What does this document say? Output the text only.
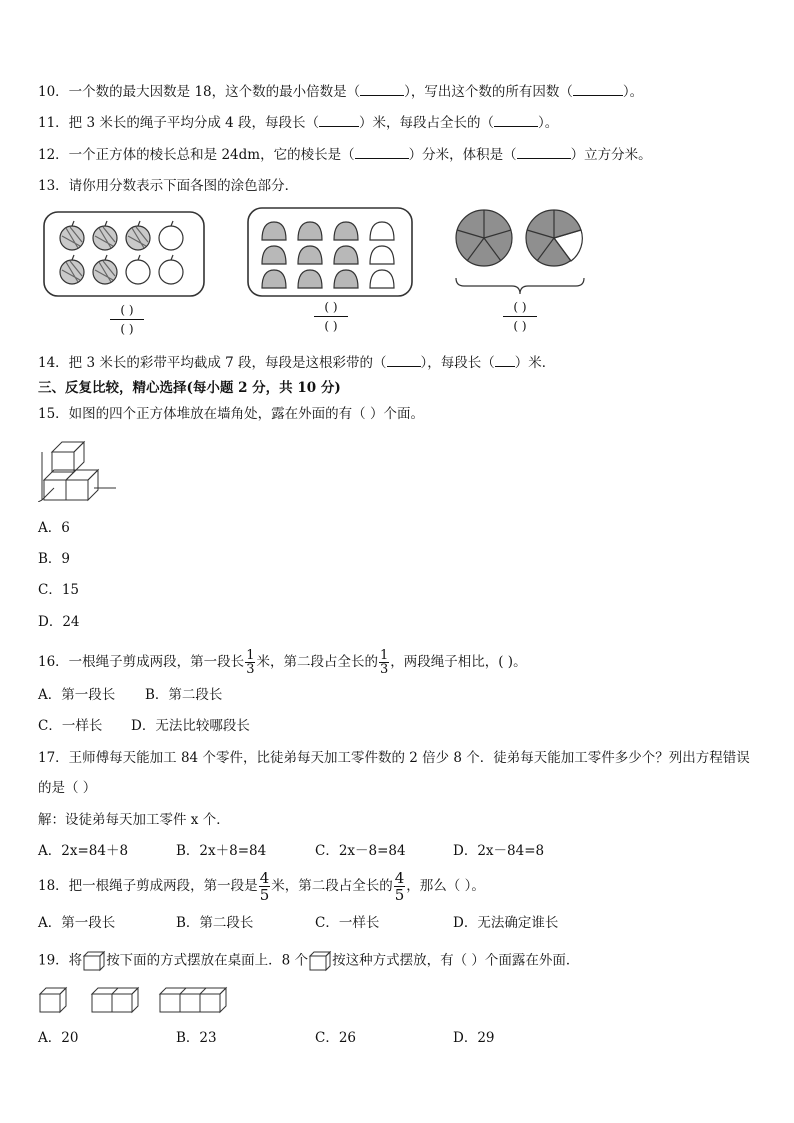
10．一个数的最大因数是 18，这个数的最小倍数是（	），写出这个数的所有因数（	）。
11．把 3 米长的绳子平均分成 4 段，每段长（	）米，每段占全长的（	）。
12．一个正方体的棱长总和是 24dm，它的棱长是（	）分米，体积是（	）立方分米。
13．请你用分数表示下面各图的涂色部分．
( )
( )
( )
( )
( )
( )
14．把 3 米长的彩带平均截成 7 段，每段是这根彩带的（	），每段长（ ）米．
三、反复比较，精心选择(每小题 2 分，共 10 分)
15．如图的四个正方体堆放在墙角处，露在外面的有（ ）个面。
A．6
B．9
C．15
D．24
16．一根绳子剪成两段，第一段长 $\frac{1}{3}$ 米，第二段占全长的 $\frac{1}{3}$ ，两段绳子相比，( )。
A．第一段长 B．第二段长
C．一样长 D．无法比较哪段长
17．王师傅每天能加工 84 个零件，比徒弟每天加工零件数的 2 倍少 8 个．徒弟每天能加工零件多少个？列出方程错误
的是（ ）
解：设徒弟每天加工零件 x 个．
A．2x=84＋8	B．2x＋8=84	C．2x－8=84	D．2x－84=8
18．把一根绳子剪成两段，第一段是 $\frac{4}{5}$ 米，第二段占全长的 $\frac{4}{5}$ ，那么（ ）。
A．第一段长	B．第二段长	C．一样长	D．无法确定谁长
19．将 按下面的方式摆放在桌面上．8 个 按这种方式摆放，有（ ）个面露在外面．
A．20	B．23	C．26	D．29
